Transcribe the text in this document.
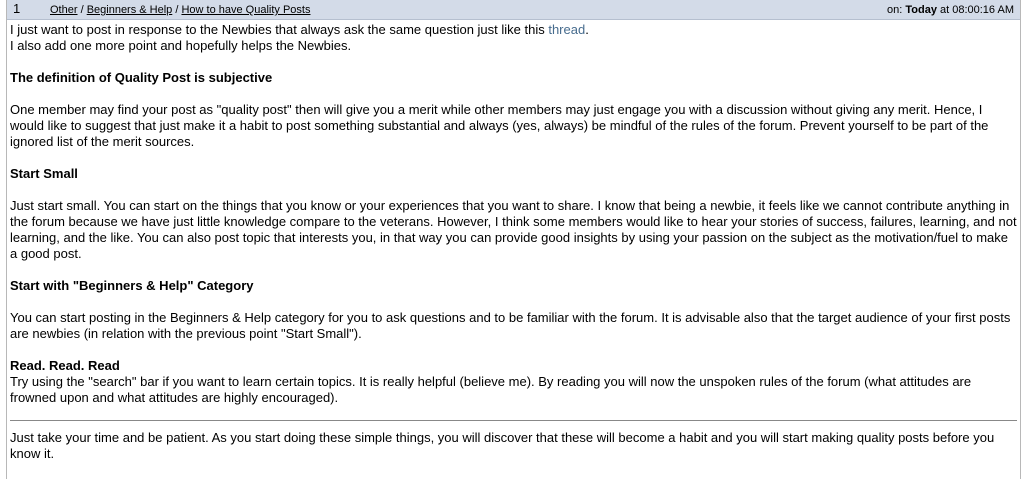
1	Other / Beginners & Help / How to have Quality Posts	on: Today at 08:00:16 AM

I just want to post in response to the Newbies that always ask the same question just like this thread.

I also add one more point and hopefully helps the Newbies.

The definition of Quality Post is subjective

One member may find your post as "quality post" then will give you a merit while other members may just engage you with a discussion without giving any merit. Hence, I would like to suggest that just make it a habit to post something substantial and always (yes, always) be mindful of the rules of the forum. Prevent yourself to be part of the ignored list of the merit sources.

Start Small

Just start small. You can start on the things that you know or your experiences that you want to share. I know that being a newbie, it feels like we cannot contribute anything in the forum because we have just little knowledge compare to the veterans. However, I think some members would like to hear your stories of success, failures, learning, and not learning, and the like. You can also post topic that interests you, in that way you can provide good insights by using your passion on the subject as the motivation/fuel to make a good post.

Start with "Beginners & Help" Category

You can start posting in the Beginners & Help category for you to ask questions and to be familiar with the forum. It is advisable also that the target audience of your first posts are newbies (in relation with the previous point "Start Small").

Read. Read. Read

Try using the "search" bar if you want to learn certain topics. It is really helpful (believe me). By reading you will now the unspoken rules of the forum (what attitudes are frowned upon and what attitudes are highly encouraged).

Just take your time and be patient. As you start doing these simple things, you will discover that these will become a habit and you will start making quality posts before you know it.
